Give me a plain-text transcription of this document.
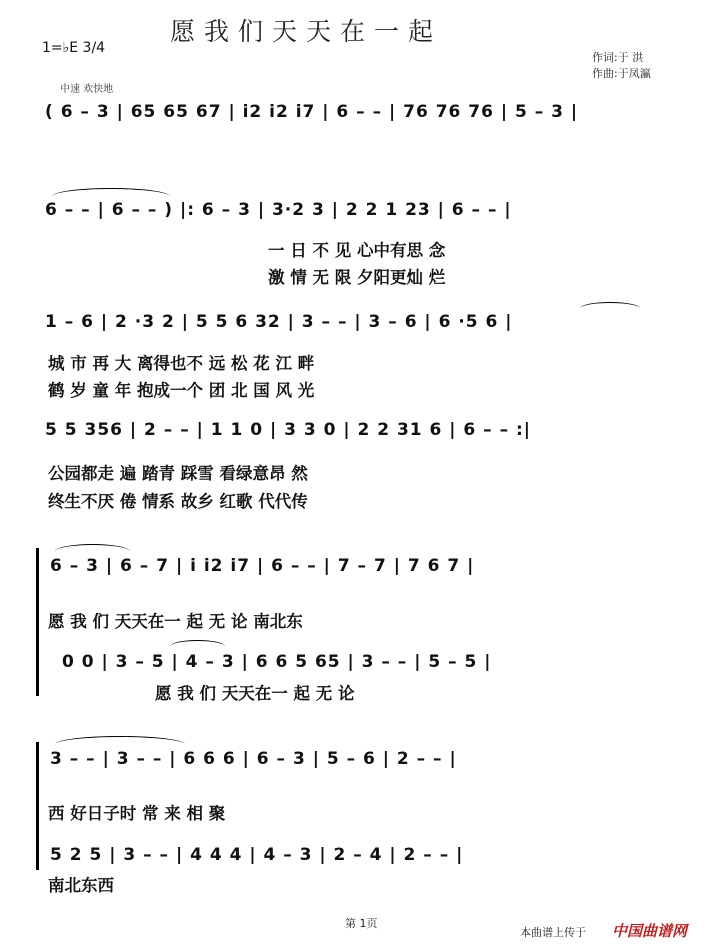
愿我们天天在一起
1=♭E 3/4
中速 欢快地
作词:于 洪
作曲:于凤瀛
( 6 – 3 | 65 65 67 | i2 i2 i7 | 6 – – | 76 76 76 | 5 – 3 |
6 – – | 6 – – ) |: 6 – 3 | 3·2 3 | 2 2 1 23 | 6 – – |
一 日 不 见 心中有思 念
激 情 无 限 夕阳更灿 烂
1 – 6 | 2 ·3 2 | 5 5 6 32 | 3 – – | 3 – 6 | 6 ·5 6 |
城 市 再 大 离得也不 远 松 花 江 畔
鹤 岁 童 年 抱成一个 团 北 国 风 光
5 5 356 | 2 – – | 1 1 0 | 3 3 0 | 2 2 31 6 | 6 – – :|
公园都走 遍 踏青 踩雪 看绿意昂 然
终生不厌 倦 情系 故乡 红歌 代代传
6 – 3 | 6 – 7 | i i2 i7 | 6 – – | 7 – 7 | 7 6 7 |
愿 我 们 天天在一 起 无 论 南北东
0 0 | 3 – 5 | 4 – 3 | 6 6 5 65 | 3 – – | 5 – 5 |
愿 我 们 天天在一 起 无 论
3 – – | 3 – – | 6 6 6 | 6 – 3 | 5 – 6 | 2 – – |
西 好日子时 常 来 相 聚
5 2 5 | 3 – – | 4 4 4 | 4 – 3 | 2 – 4 | 2 – – |
南北东西
第 1页
本曲谱上传于 中国曲谱网
